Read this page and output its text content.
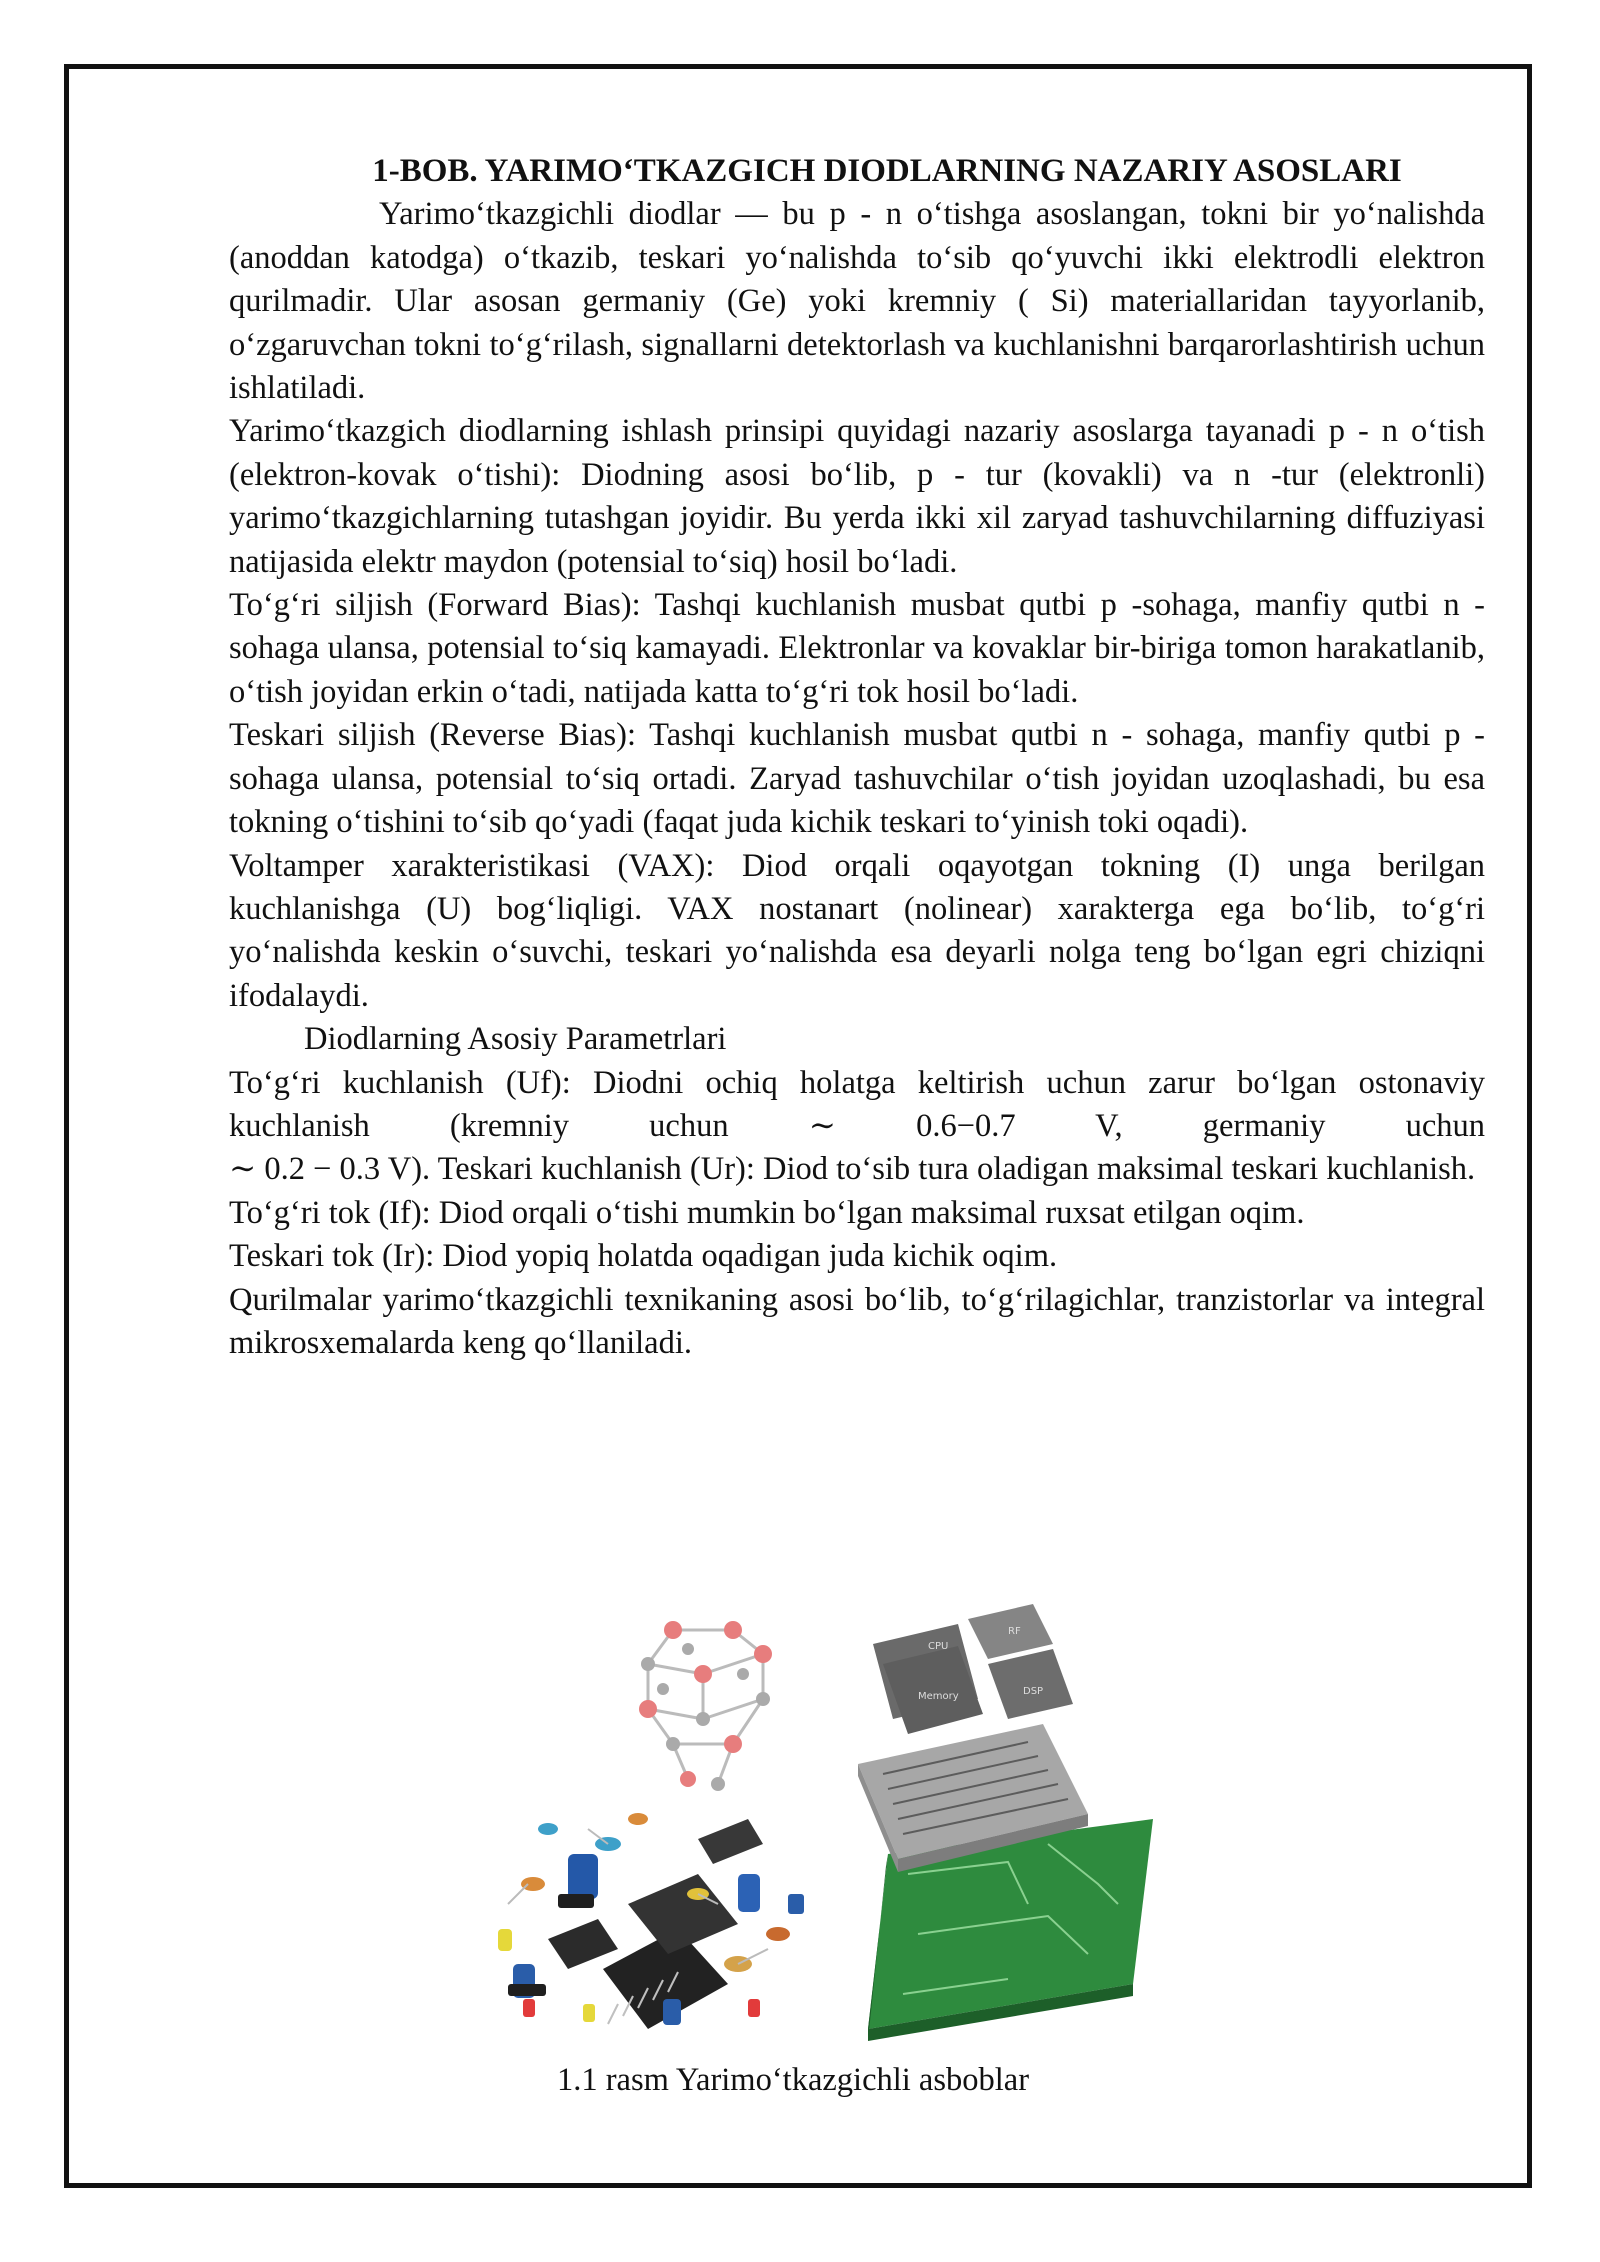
1-BOB. YARIMO‘TKAZGICH DIODLARNING NAZARIY ASOSLARI

Yarimo‘tkazgichli diodlar — bu p - n o‘tishga asoslangan, tokni bir yo‘nalishda (anoddan katodga) o‘tkazib, teskari yo‘nalishda to‘sib qo‘yuvchi ikki elektrodli elektron qurilmadir. Ular asosan germaniy (Ge) yoki kremniy ( Si) materiallaridan tayyorlanib, o‘zgaruvchan tokni to‘g‘rilash, signallarni detektorlash va kuchlanishni barqarorlashtirish uchun ishlatiladi.

Yarimo‘tkazgich diodlarning ishlash prinsipi quyidagi nazariy asoslarga tayanadi p - n o‘tish (elektron-kovak o‘tishi): Diodning asosi bo‘lib, p - tur (kovakli) va n -tur (elektronli) yarimo‘tkazgichlarning tutashgan joyidir. Bu yerda ikki xil zaryad tashuvchilarning diffuziyasi natijasida elektr maydon (potensial to‘siq) hosil bo‘ladi.

To‘g‘ri siljish (Forward Bias): Tashqi kuchlanish musbat qutbi p -sohaga, manfiy qutbi n -sohaga ulansa, potensial to‘siq kamayadi. Elektronlar va kovaklar bir-biriga tomon harakatlanib, o‘tish joyidan erkin o‘tadi, natijada katta to‘g‘ri tok hosil bo‘ladi.

Teskari siljish (Reverse Bias): Tashqi kuchlanish musbat qutbi n - sohaga, manfiy qutbi p -sohaga ulansa, potensial to‘siq ortadi. Zaryad tashuvchilar o‘tish joyidan uzoqlashadi, bu esa tokning o‘tishini to‘sib qo‘yadi (faqat juda kichik teskari to‘yinish toki oqadi).

Voltamper xarakteristikasi (VAX): Diod orqali oqayotgan tokning (I) unga berilgan kuchlanishga (U) bog‘liqligi. VAX nostanart (nolinear) xarakterga ega bo‘lib, to‘g‘ri yo‘nalishda keskin o‘suvchi, teskari yo‘nalishda esa deyarli nolga teng bo‘lgan egri chiziqni ifodalaydi.

Diodlarning Asosiy Parametrlari

To‘g‘ri kuchlanish (Uf): Diodni ochiq holatga keltirish uchun zarur bo‘lgan ostonaviy kuchlanish (kremniy uchun ∼ 0.6−0.7 V, germaniy uchun

∼ 0.2 − 0.3 V). Teskari kuchlanish (Ur): Diod to‘sib tura oladigan maksimal teskari kuchlanish.

To‘g‘ri tok (If): Diod orqali o‘tishi mumkin bo‘lgan maksimal ruxsat etilgan oqim.

Teskari tok (Ir): Diod yopiq holatda oqadigan juda kichik oqim.

Qurilmalar yarimo‘tkazgichli texnikaning asosi bo‘lib, to‘g‘rilagichlar, tranzistorlar va integral mikrosxemalarda keng qo‘llaniladi.

CPU
RF
Memory	DSP
1.1 rasm Yarimo‘tkazgichli asboblar
